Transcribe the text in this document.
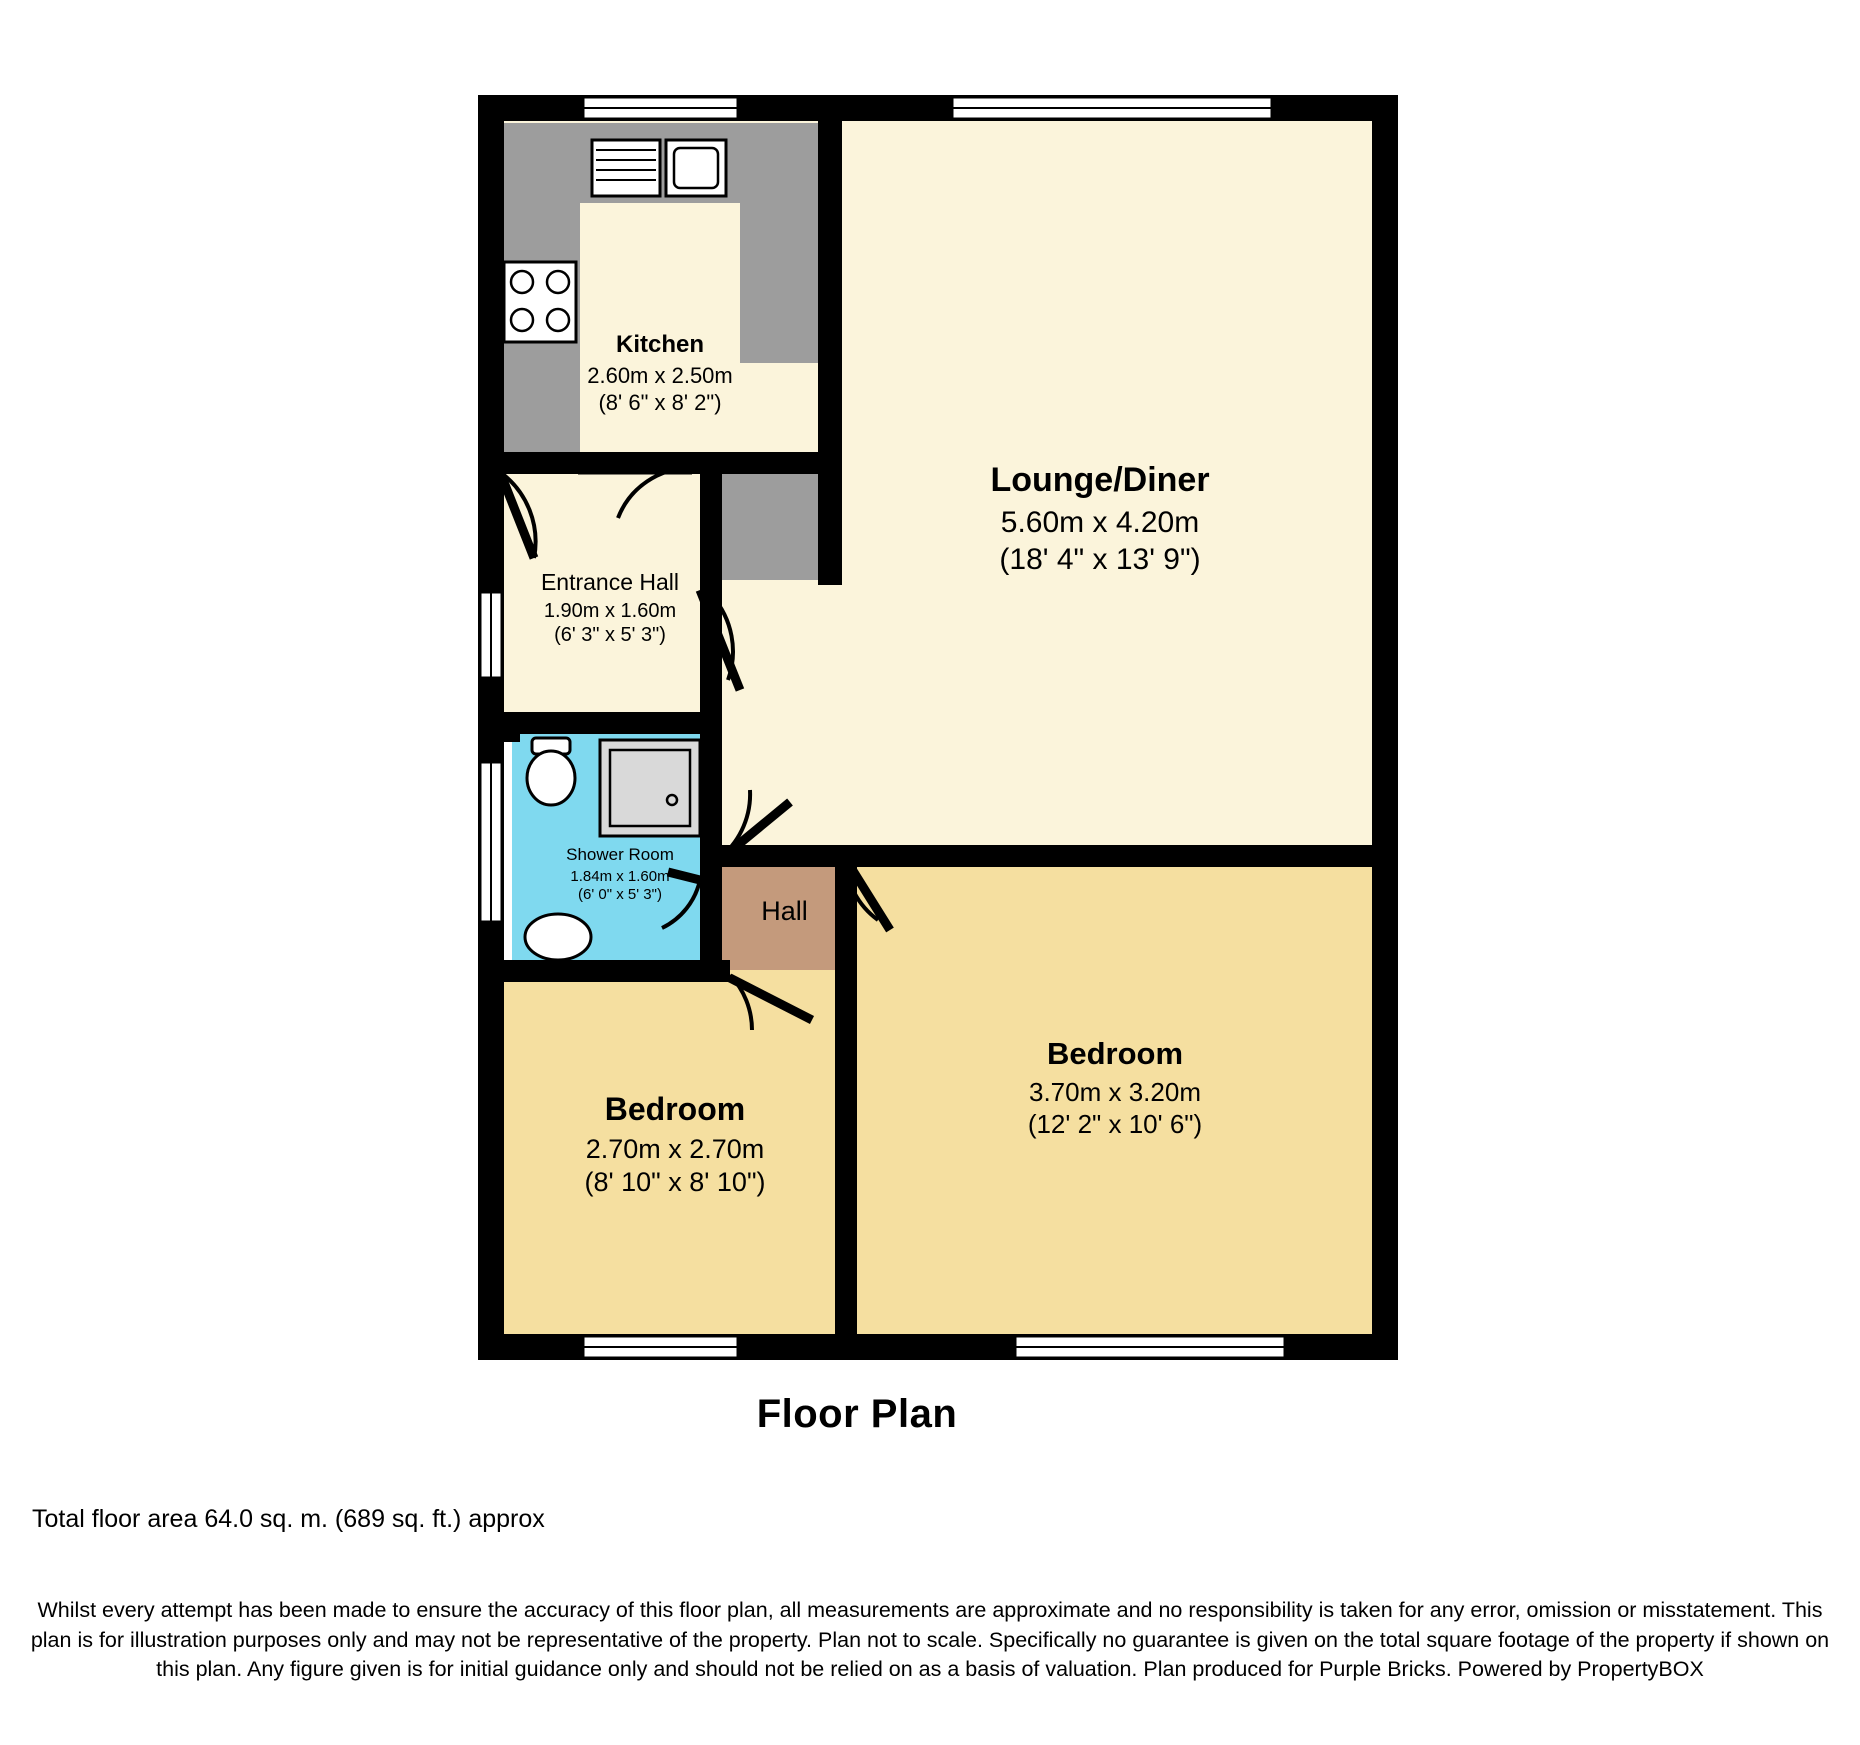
Kitchen
2.60m x 2.50m
(8' 6" x 8' 2")
Lounge/Diner
5.60m x 4.20m
(18' 4" x 13' 9")
Entrance Hall
1.90m x 1.60m
(6' 3" x 5' 3")
Shower Room
1.84m x 1.60m
(6' 0" x 5' 3")
Hall
Bedroom
2.70m x 2.70m
(8' 10" x 8' 10")
Bedroom
3.70m x 3.20m
(12' 2" x 10' 6")
Floor Plan
Total floor area 64.0 sq. m. (689 sq. ft.) approx
Whilst every attempt has been made to ensure the accuracy of this floor plan, all measurements are approximate and no responsibility is taken for any error, omission or misstatement. This plan is for illustration purposes only and may not be representative of the property. Plan not to scale. Specifically no guarantee is given on the total square footage of the property if shown on this plan. Any figure given is for initial guidance only and should not be relied on as a basis of valuation. Plan produced for Purple Bricks. Powered by PropertyBOX
